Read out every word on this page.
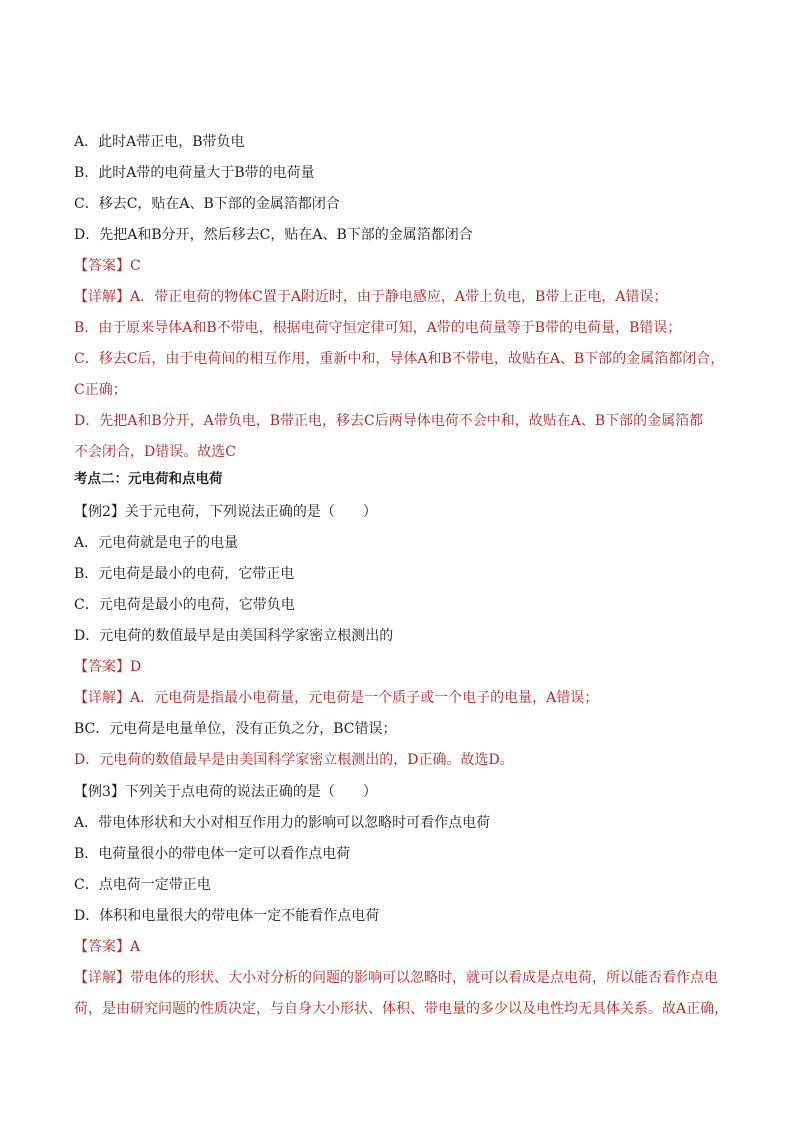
A．此时A带正电，B带负电
B．此时A带的电荷量大于B带的电荷量
C．移去C，贴在A、B下部的金属箔都闭合
D．先把A和B分开，然后移去C，贴在A、B下部的金属箔都闭合
【答案】C
【详解】A．带正电荷的物体C置于A附近时，由于静电感应，A带上负电，B带上正电，A错误；
B．由于原来导体A和B不带电，根据电荷守恒定律可知，A带的电荷量等于B带的电荷量，B错误；
C．移去C后，由于电荷间的相互作用，重新中和，导体A和B不带电，故贴在A、B下部的金属箔都闭合，
C正确；
D．先把A和B分开，A带负电，B带正电，移去C后两导体电荷不会中和，故贴在A、B下部的金属箔都
不会闭合，D错误。故选C
考点二：元电荷和点电荷
【例2】关于元电荷，下列说法正确的是（　　）
A．元电荷就是电子的电量
B．元电荷是最小的电荷，它带正电
C．元电荷是最小的电荷，它带负电
D．元电荷的数值最早是由美国科学家密立根测出的
【答案】D
【详解】A．元电荷是指最小电荷量，元电荷是一个质子或一个电子的电量，A错误；
BC．元电荷是电量单位，没有正负之分，BC错误；
D．元电荷的数值最早是由美国科学家密立根测出的，D正确。故选D。
【例3】下列关于点电荷的说法正确的是（　　）
A．带电体形状和大小对相互作用力的影响可以忽略时可看作点电荷
B．电荷量很小的带电体一定可以看作点电荷
C．点电荷一定带正电
D．体积和电量很大的带电体一定不能看作点电荷
【答案】A
【详解】带电体的形状、大小对分析的问题的影响可以忽略时，就可以看成是点电荷，所以能否看作点电
荷，是由研究问题的性质决定，与自身大小形状、体积、带电量的多少以及电性均无具体关系。故A正确，
